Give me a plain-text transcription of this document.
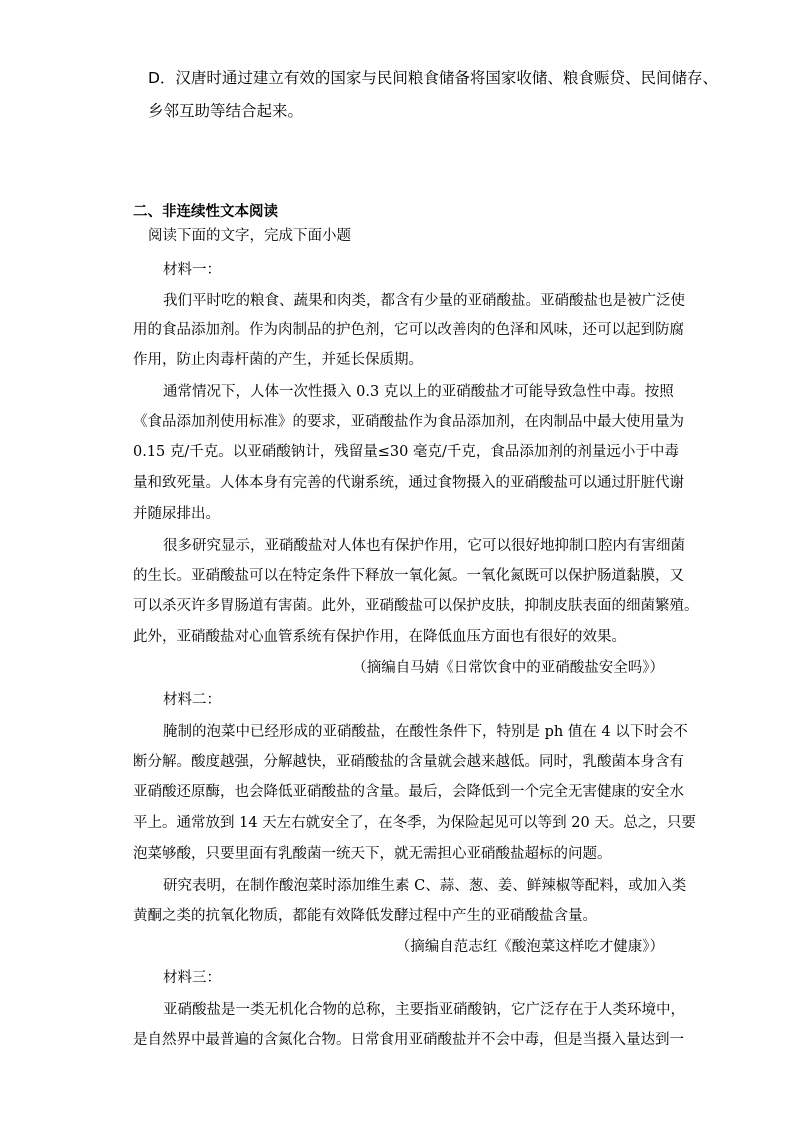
D．汉唐时通过建立有效的国家与民间粮食储备将国家收储、粮食赈贷、民间储存、
乡邻互助等结合起来。
二、非连续性文本阅读
阅读下面的文字，完成下面小题
材料一：
我们平时吃的粮食、蔬果和肉类，都含有少量的亚硝酸盐。亚硝酸盐也是被广泛使
用的食品添加剂。作为肉制品的护色剂，它可以改善肉的色泽和风味，还可以起到防腐
作用，防止肉毒杆菌的产生，并延长保质期。
通常情况下，人体一次性摄入 0.3 克以上的亚硝酸盐才可能导致急性中毒。按照
《食品添加剂使用标准》的要求，亚硝酸盐作为食品添加剂，在肉制品中最大使用量为
0.15 克/千克。以亚硝酸钠计，残留量≤30 毫克/千克，食品添加剂的剂量远小于中毒
量和致死量。人体本身有完善的代谢系统，通过食物摄入的亚硝酸盐可以通过肝脏代谢
并随尿排出。
很多研究显示，亚硝酸盐对人体也有保护作用，它可以很好地抑制口腔内有害细菌
的生长。亚硝酸盐可以在特定条件下释放一氧化氮。一氧化氮既可以保护肠道黏膜，又
可以杀灭许多胃肠道有害菌。此外，亚硝酸盐可以保护皮肤，抑制皮肤表面的细菌繁殖。
此外，亚硝酸盐对心血管系统有保护作用，在降低血压方面也有很好的效果。
（摘编自马婧《日常饮食中的亚硝酸盐安全吗》）
材料二：
腌制的泡菜中已经形成的亚硝酸盐，在酸性条件下，特别是 ph 值在 4 以下时会不
断分解。酸度越强，分解越快，亚硝酸盐的含量就会越来越低。同时，乳酸菌本身含有
亚硝酸还原酶，也会降低亚硝酸盐的含量。最后，会降低到一个完全无害健康的安全水
平上。通常放到 14 天左右就安全了，在冬季，为保险起见可以等到 20 天。总之，只要
泡菜够酸，只要里面有乳酸菌一统天下，就无需担心亚硝酸盐超标的问题。
研究表明，在制作酸泡菜时添加维生素 C、蒜、葱、姜、鲜辣椒等配料，或加入类
黄酮之类的抗氧化物质，都能有效降低发酵过程中产生的亚硝酸盐含量。
（摘编自范志红《酸泡菜这样吃才健康》）
材料三：
亚硝酸盐是一类无机化合物的总称，主要指亚硝酸钠，它广泛存在于人类环境中，
是自然界中最普遍的含氮化合物。日常食用亚硝酸盐并不会中毒，但是当摄入量达到一
